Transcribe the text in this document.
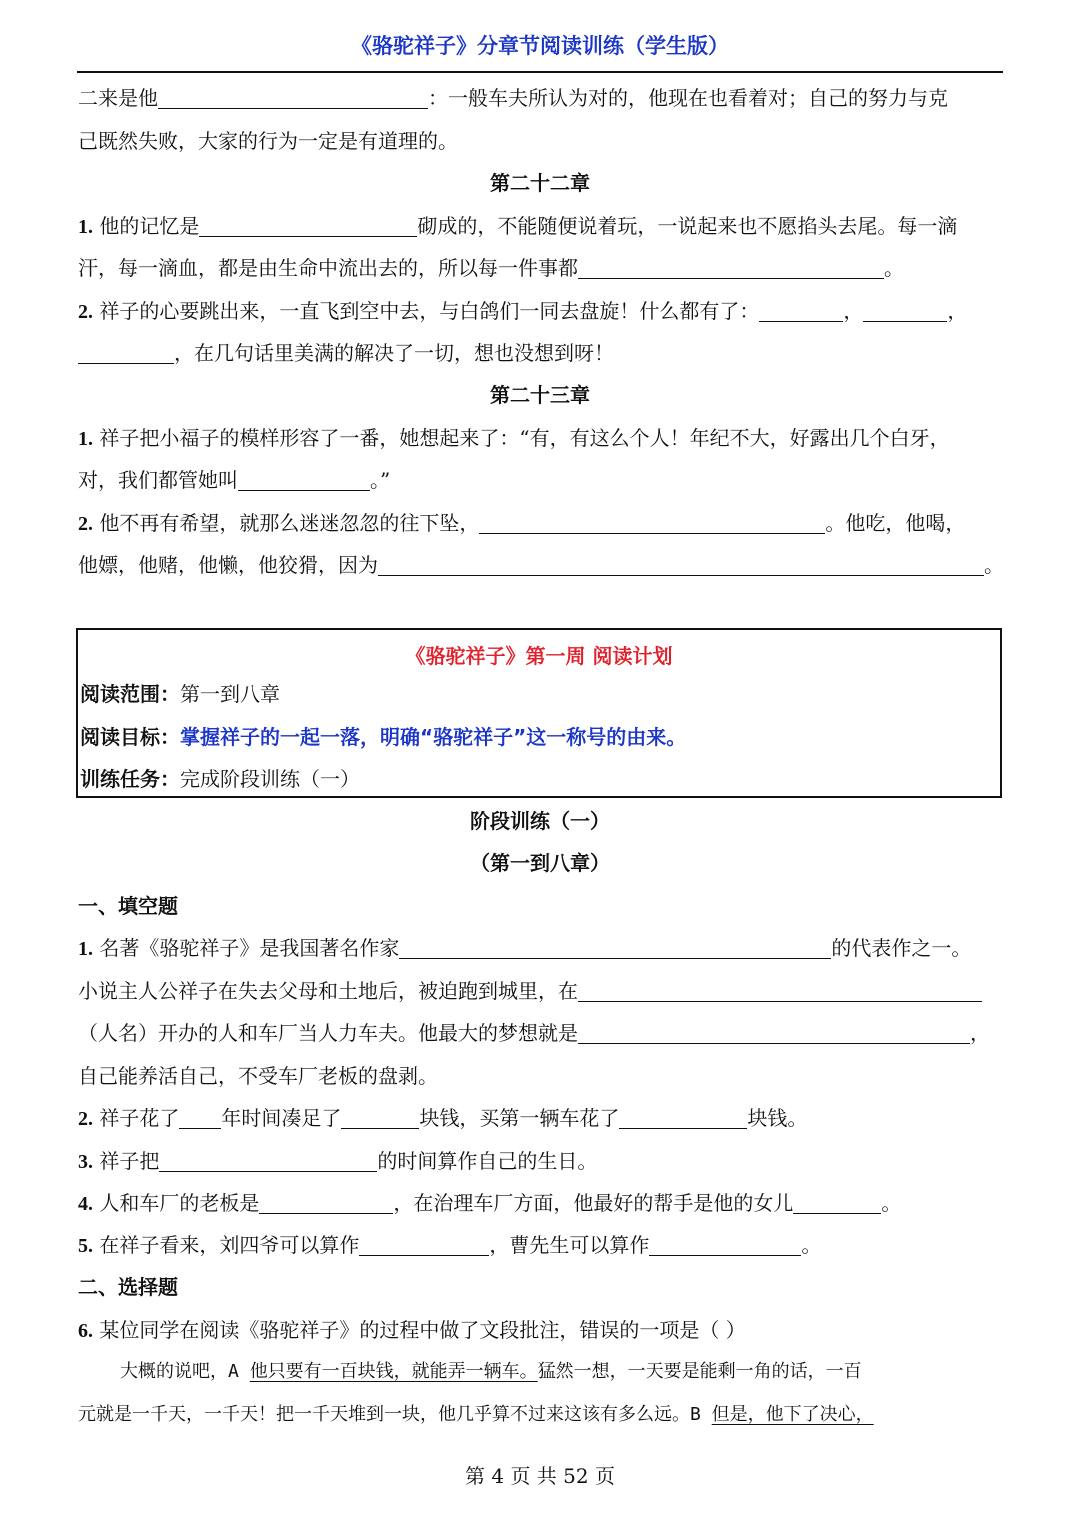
《骆驼祥子》分章节阅读训练（学生版）
二来是他	：一般车夫所认为对的，他现在也看着对；自己的努力与克
己既然失败，大家的行为一定是有道理的。
第二十二章
1. 他的记忆是	砌成的，不能随便说着玩，一说起来也不愿掐头去尾。每一滴
汗，每一滴血，都是由生命中流出去的，所以每一件事都	。
2. 祥子的心要跳出来，一直飞到空中去，与白鸽们一同去盘旋！什么都有了：	，	，
，在几句话里美满的解决了一切，想也没想到呀！
第二十三章
1. 祥子把小福子的模样形容了一番，她想起来了：“有，有这么个人！年纪不大，好露出几个白牙，
对，我们都管她叫	。”
2. 他不再有希望，就那么迷迷忽忽的往下坠，	。他吃，他喝，
他嫖，他赌，他懒，他狡猾，因为	。
《骆驼祥子》第一周 阅读计划
阅读范围：第一到八章
阅读目标：掌握祥子的一起一落，明确“骆驼祥子”这一称号的由来。
训练任务：完成阶段训练（一）
阶段训练（一）
（第一到八章）
一、填空题
1. 名著《骆驼祥子》是我国著名作家	的代表作之一。
小说主人公祥子在失去父母和土地后，被迫跑到城里，在
（人名）开办的人和车厂当人力车夫。他最大的梦想就是	，
自己能养活自己，不受车厂老板的盘剥。
2. 祥子花了 年时间凑足了	块钱，买第一辆车花了	块钱。
3. 祥子把	的时间算作自己的生日。
4. 人和车厂的老板是	，在治理车厂方面，他最好的帮手是他的女儿	。
5. 在祥子看来，刘四爷可以算作	，曹先生可以算作	。
二、选择题
6. 某位同学在阅读《骆驼祥子》的过程中做了文段批注，错误的一项是（ ）
大概的说吧，A 他只要有一百块钱，就能弄一辆车。猛然一想，一天要是能剩一角的话，一百
元就是一千天，一千天！把一千天堆到一块，他几乎算不过来这该有多么远。B 但是，他下了决心，
第 4 页 共 52 页
